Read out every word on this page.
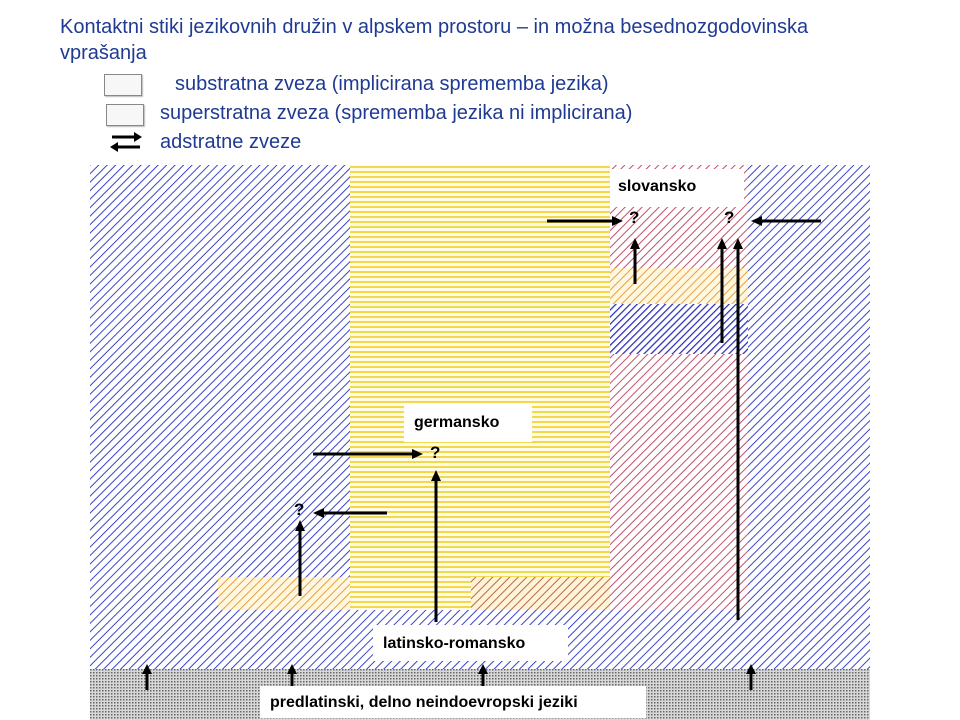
Kontaktni stiki jezikovnih družin v alpskem prostoru – in možna besednozgodovinska vprašanja
substratna zveza (implicirana sprememba jezika)
superstratna zveza (sprememba jezika ni implicirana)
adstratne zveze
slovansko
germansko
latinsko-romansko
predlatinski, delno neindoevropski jeziki
?	?
?
?
